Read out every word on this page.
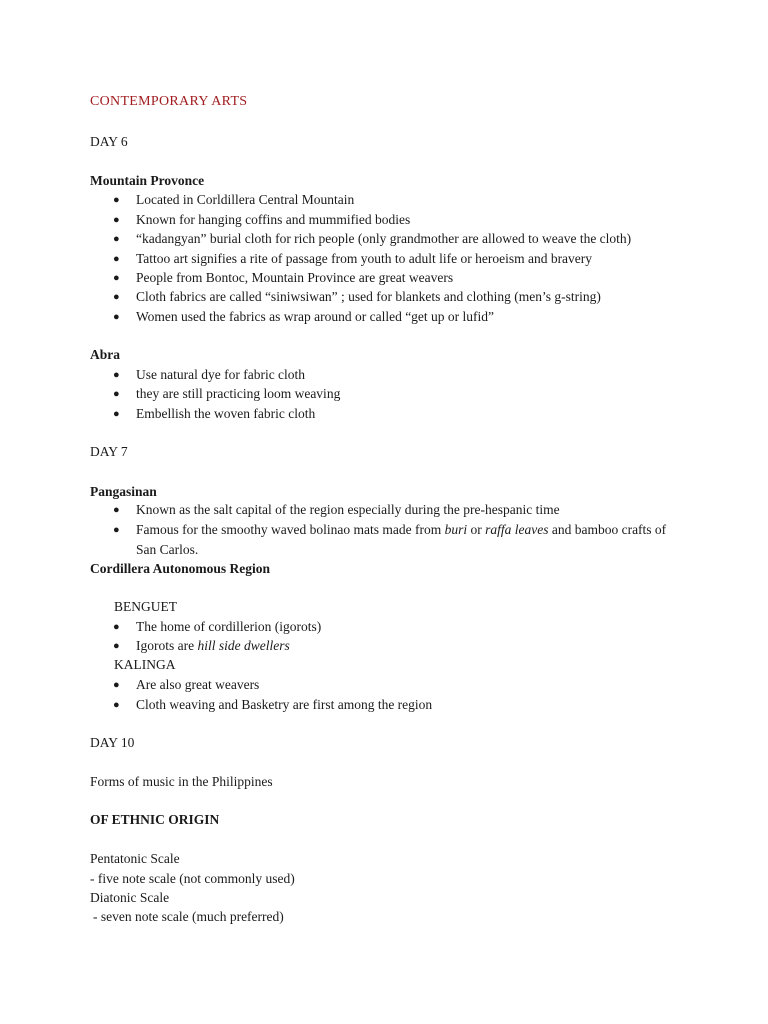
CONTEMPORARY ARTS
DAY 6
Mountain Provonce
● Located in Corldillera Central Mountain
● Known for hanging coffins and mummified bodies
● “kadangyan” burial cloth for rich people (only grandmother are allowed to weave the cloth)
● Tattoo art signifies a rite of passage from youth to adult life or heroeism and bravery
● People from Bontoc, Mountain Province are great weavers
● Cloth fabrics are called “siniwsiwan” ; used for blankets and clothing (men’s g-string)
● Women used the fabrics as wrap around or called “get up or lufid”
Abra
● Use natural dye for fabric cloth
● they are still practicing loom weaving
● Embellish the woven fabric cloth
DAY 7
Pangasinan
● Known as the salt capital of the region especially during the pre-hespanic time
● Famous for the smoothy waved bolinao mats made from buri or raffa leaves and bamboo crafts of
San Carlos.
Cordillera Autonomous Region
BENGUET
● The home of cordillerion (igorots)
● Igorots are hill side dwellers
KALINGA
● Are also great weavers
● Cloth weaving and Basketry are first among the region
DAY 10
Forms of music in the Philippines
OF ETHNIC ORIGIN
Pentatonic Scale
- five note scale (not commonly used)
Diatonic Scale
- seven note scale (much preferred)
